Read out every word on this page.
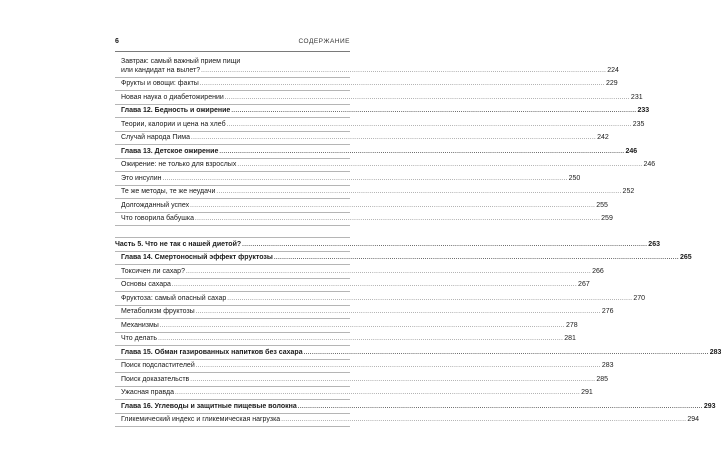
6	СОДЕРЖАНИЕ
Завтрак: самый важный прием пищи
или кандидат на вылет? .....	224
Фрукты и овощи: факты .....	229
Новая наука о диабетожирении .....	231
Глава 12. Бедность и ожирение .....	233
Теории, калории и цена на хлеб .....	235
Случай народа Пима .....	242
Глава 13. Детское ожирение .....	246
Ожирение: не только для взрослых .....	246
Это инсулин .....	250
Те же методы, те же неудачи .....	252
Долгожданный успех .....	255
Что говорила бабушка .....	259
Часть 5. Что не так с нашей диетой? .....	263
Глава 14. Смертоносный эффект фруктозы .....	265
Токсичен ли сахар? .....	266
Основы сахара .....	267
Фруктоза: самый опасный сахар .....	270
Метаболизм фруктозы .....	276
Механизмы .....	278
Что делать .....	281
Глава 15. Обман газированных напитков без сахара .....	283
Поиск подсластителей .....	283
Поиск доказательств .....	285
Ужасная правда .....	291
Глава 16. Углеводы и защитные пищевые волокна .....	293
Гликемический индекс и гликемическая нагрузка .....	294
